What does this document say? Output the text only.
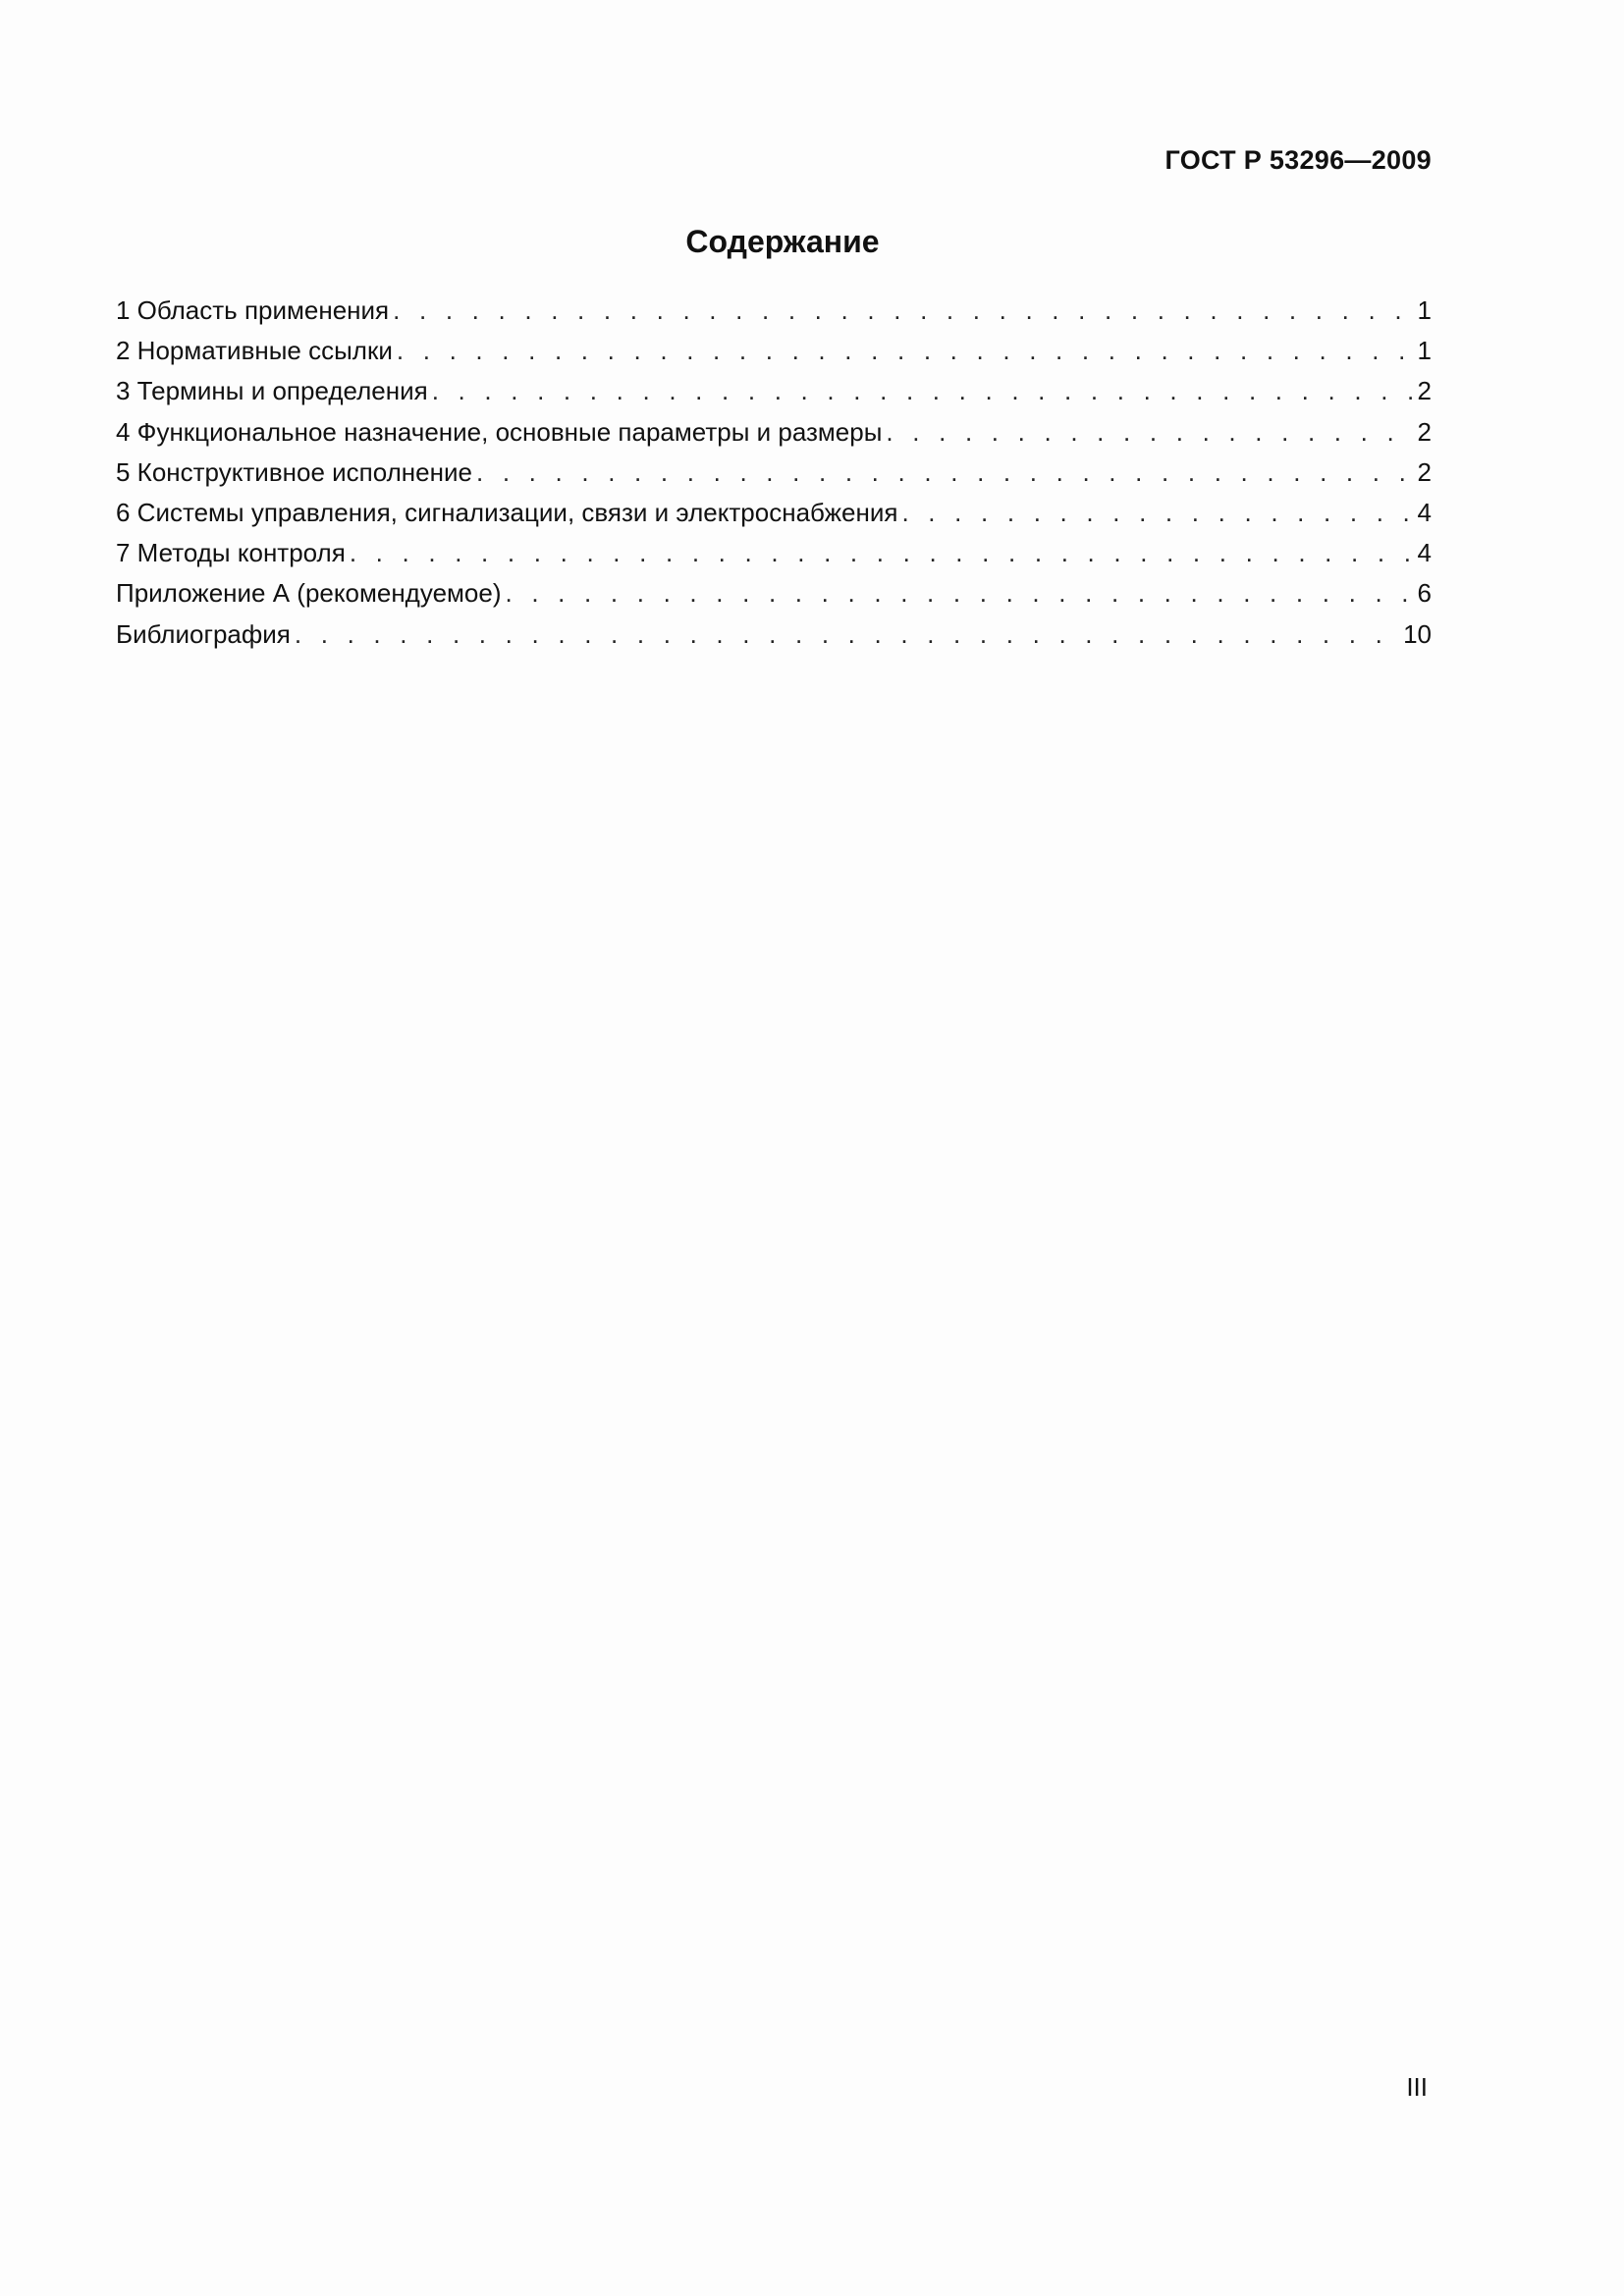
ГОСТ Р 53296—2009
Содержание
1 Область применения . . .	1
2 Нормативные ссылки . . .	1
3 Термины и определения . . .	2
4 Функциональное назначение, основные параметры и размеры . . .	2
5 Конструктивное исполнение . . .	2
6 Системы управления, сигнализации, связи и электроснабжения . . .	4
7 Методы контроля . . .	4
Приложение А (рекомендуемое) . . .	6
Библиография . . .	10
III
